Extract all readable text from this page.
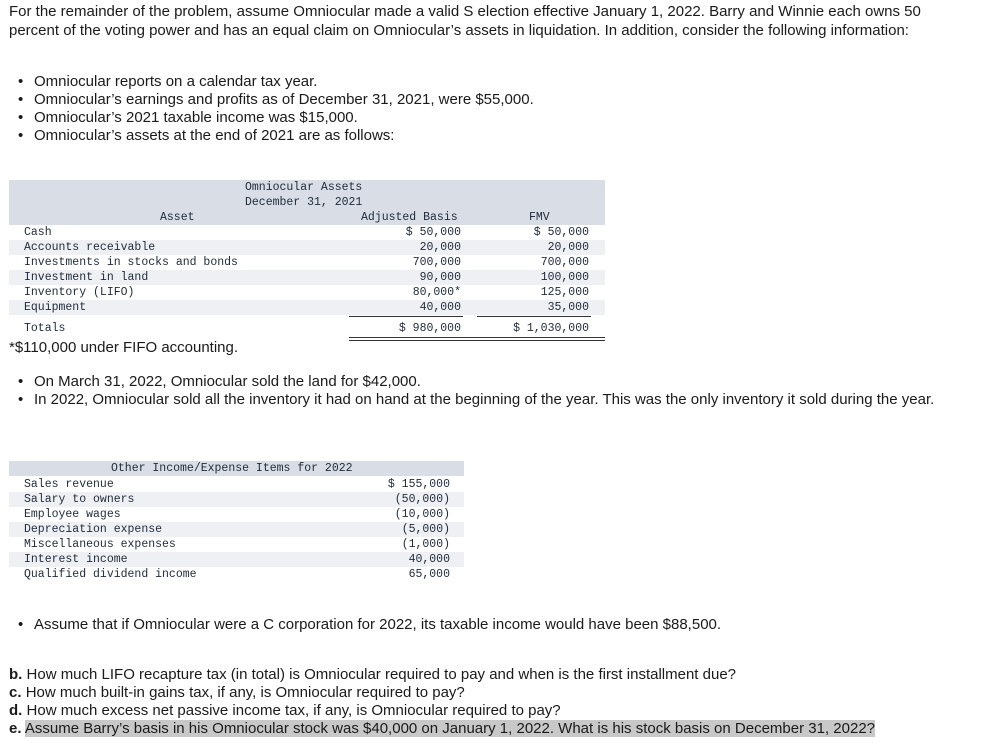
For the remainder of the problem, assume Omniocular made a valid S election effective January 1, 2022. Barry and Winnie each owns 50 percent of the voting power and has an equal claim on Omniocular’s assets in liquidation. In addition, consider the following information:

• Omniocular reports on a calendar tax year.
• Omniocular’s earnings and profits as of December 31, 2021, were $55,000.
• Omniocular’s 2021 taxable income was $15,000.
• Omniocular’s assets at the end of 2021 are as follows:
Omniocular Assets
December 31, 2021
Asset	Adjusted Basis	FMV
Cash	$ 50,000	$ 50,000
Accounts receivable	20,000	20,000
Investments in stocks and bonds	700,000	700,000
Investment in land	90,000	100,000
Inventory (LIFO)	80,000*	125,000
Equipment	40,000	35,000
Totals	$ 980,000	$ 1,030,000
*$110,000 under FIFO accounting.
• On March 31, 2022, Omniocular sold the land for $42,000.
• In 2022, Omniocular sold all the inventory it had on hand at the beginning of the year. This was the only inventory it sold during the year.
Other Income/Expense Items for 2022
Sales revenue	$ 155,000
Salary to owners	(50,000)
Employee wages	(10,000)
Depreciation expense	(5,000)
Miscellaneous expenses	(1,000)
Interest income	40,000
Qualified dividend income	65,000
• Assume that if Omniocular were a C corporation for 2022, its taxable income would have been $88,500.
b. How much LIFO recapture tax (in total) is Omniocular required to pay and when is the first installment due?
c. How much built-in gains tax, if any, is Omniocular required to pay?
d. How much excess net passive income tax, if any, is Omniocular required to pay?
e. Assume Barry’s basis in his Omniocular stock was $40,000 on January 1, 2022. What is his stock basis on December 31, 2022?
